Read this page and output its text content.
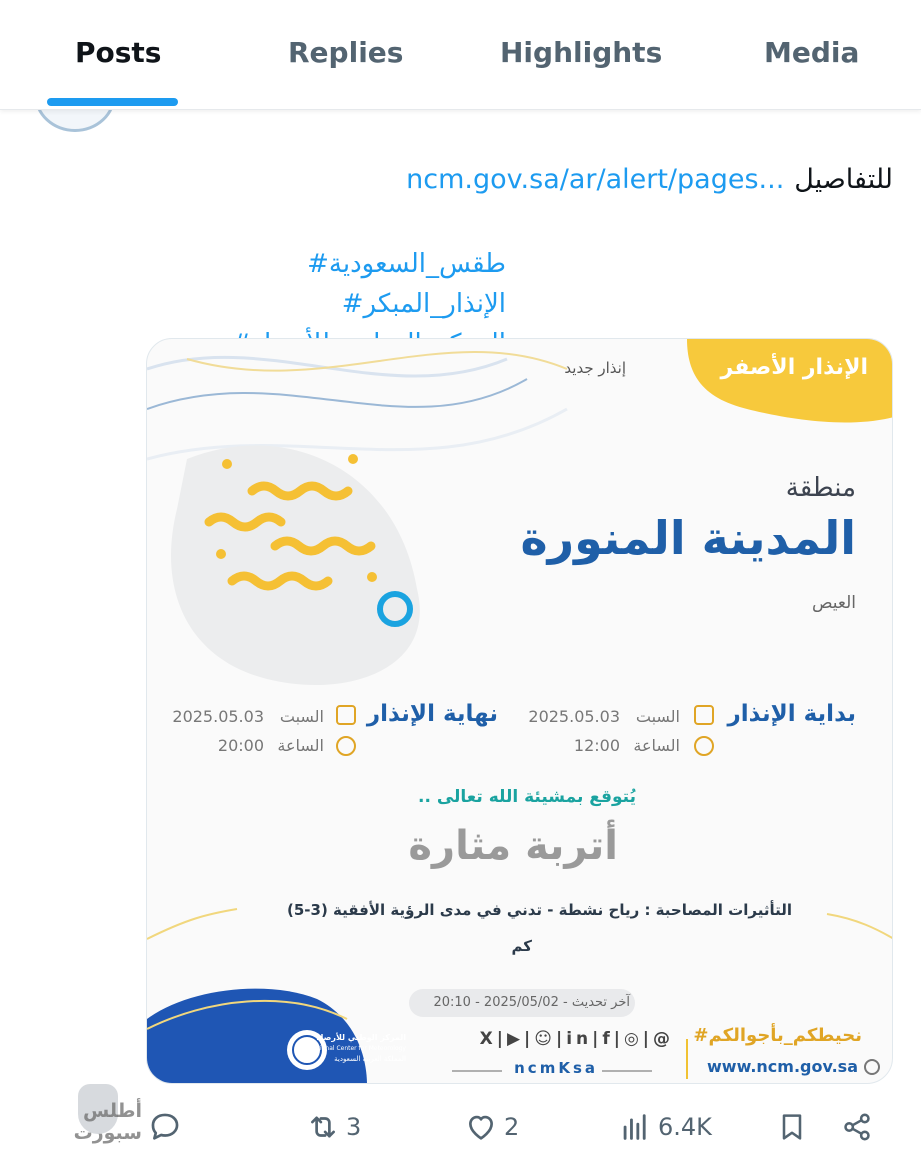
Posts	Replies	Highlights	Media
ncm.gov.sa/ar/alert/pages... للتفاصيل
طقس_السعودية# الإنذار_المبكر#
الإنذار الأصفر
إنذار جديد
منطقة
المدينة المنورة
العيص
بداية الإنذار
السبت
2025.05.03
الساعة
12:00
نهاية الإنذار
السبت
2025.05.03
الساعة
20:00
يُتوقع بمشيئة الله تعالى ..
أتربة مثارة
التأثيرات المصاحبة : رياح نشطة - تدني في مدى الرؤية الأفقية (3-5)
كم
آخر تحديث - 2025/05/02 - 20:10
#نحيطكم_بأجوالكم
www.ncm.gov.sa
X|▶|☺|in|f|◎|@
ncmKsa
المركز الوطني للأرصاد
National Center for Meteorology
المملكة العربية السعودية
أطلس سبورت	3	2	6.4K
